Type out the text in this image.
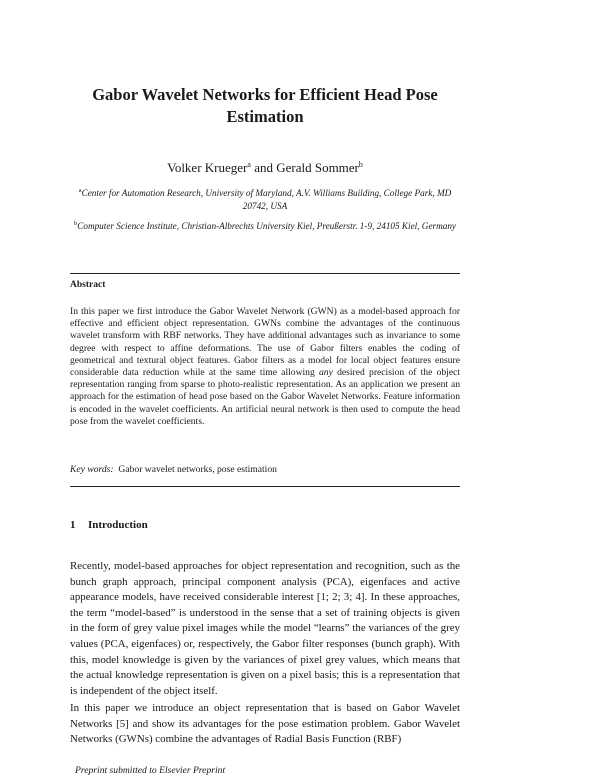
Gabor Wavelet Networks for Efficient Head Pose Estimation
Volker Krueger$^a$ and Gerald Sommer$^b$
$^a$Center for Automation Research, University of Maryland, A.V. Williams Building, College Park, MD 20742, USA
$^b$Computer Science Institute, Christian-Albrechts University Kiel, Preußerstr. 1-9, 24105 Kiel, Germany
Abstract
In this paper we first introduce the Gabor Wavelet Network (GWN) as a model-based approach for effective and efficient object representation. GWNs combine the advantages of the continuous wavelet transform with RBF networks. They have additional advantages such as invariance to some degree with respect to affine deformations. The use of Gabor filters enables the coding of geometrical and textural object features. Gabor filters as a model for local object features ensure considerable data reduction while at the same time allowing any desired precision of the object representation ranging from sparse to photo-realistic representation. As an application we present an approach for the estimation of head pose based on the Gabor Wavelet Networks. Feature information is encoded in the wavelet coefficients. An artificial neural network is then used to compute the head pose from the wavelet coefficients.
Key words: Gabor wavelet networks, pose estimation
1 Introduction
Recently, model-based approaches for object representation and recognition, such as the bunch graph approach, principal component analysis (PCA), eigenfaces and active appearance models, have received considerable interest [1; 2; 3; 4]. In these approaches, the term “model-based” is understood in the sense that a set of training objects is given in the form of grey value pixel images while the model “learns” the variances of the grey values (PCA, eigenfaces) or, respectively, the Gabor filter responses (bunch graph). With this, model knowledge is given by the variances of pixel grey values, which means that the actual knowledge representation is given on a pixel basis; this is a representation that is independent of the object itself.
In this paper we introduce an object representation that is based on Gabor Wavelet Networks [5] and show its advantages for the pose estimation problem. Gabor Wavelet Networks (GWNs) combine the advantages of Radial Basis Function (RBF)
Preprint submitted to Elsevier Preprint
